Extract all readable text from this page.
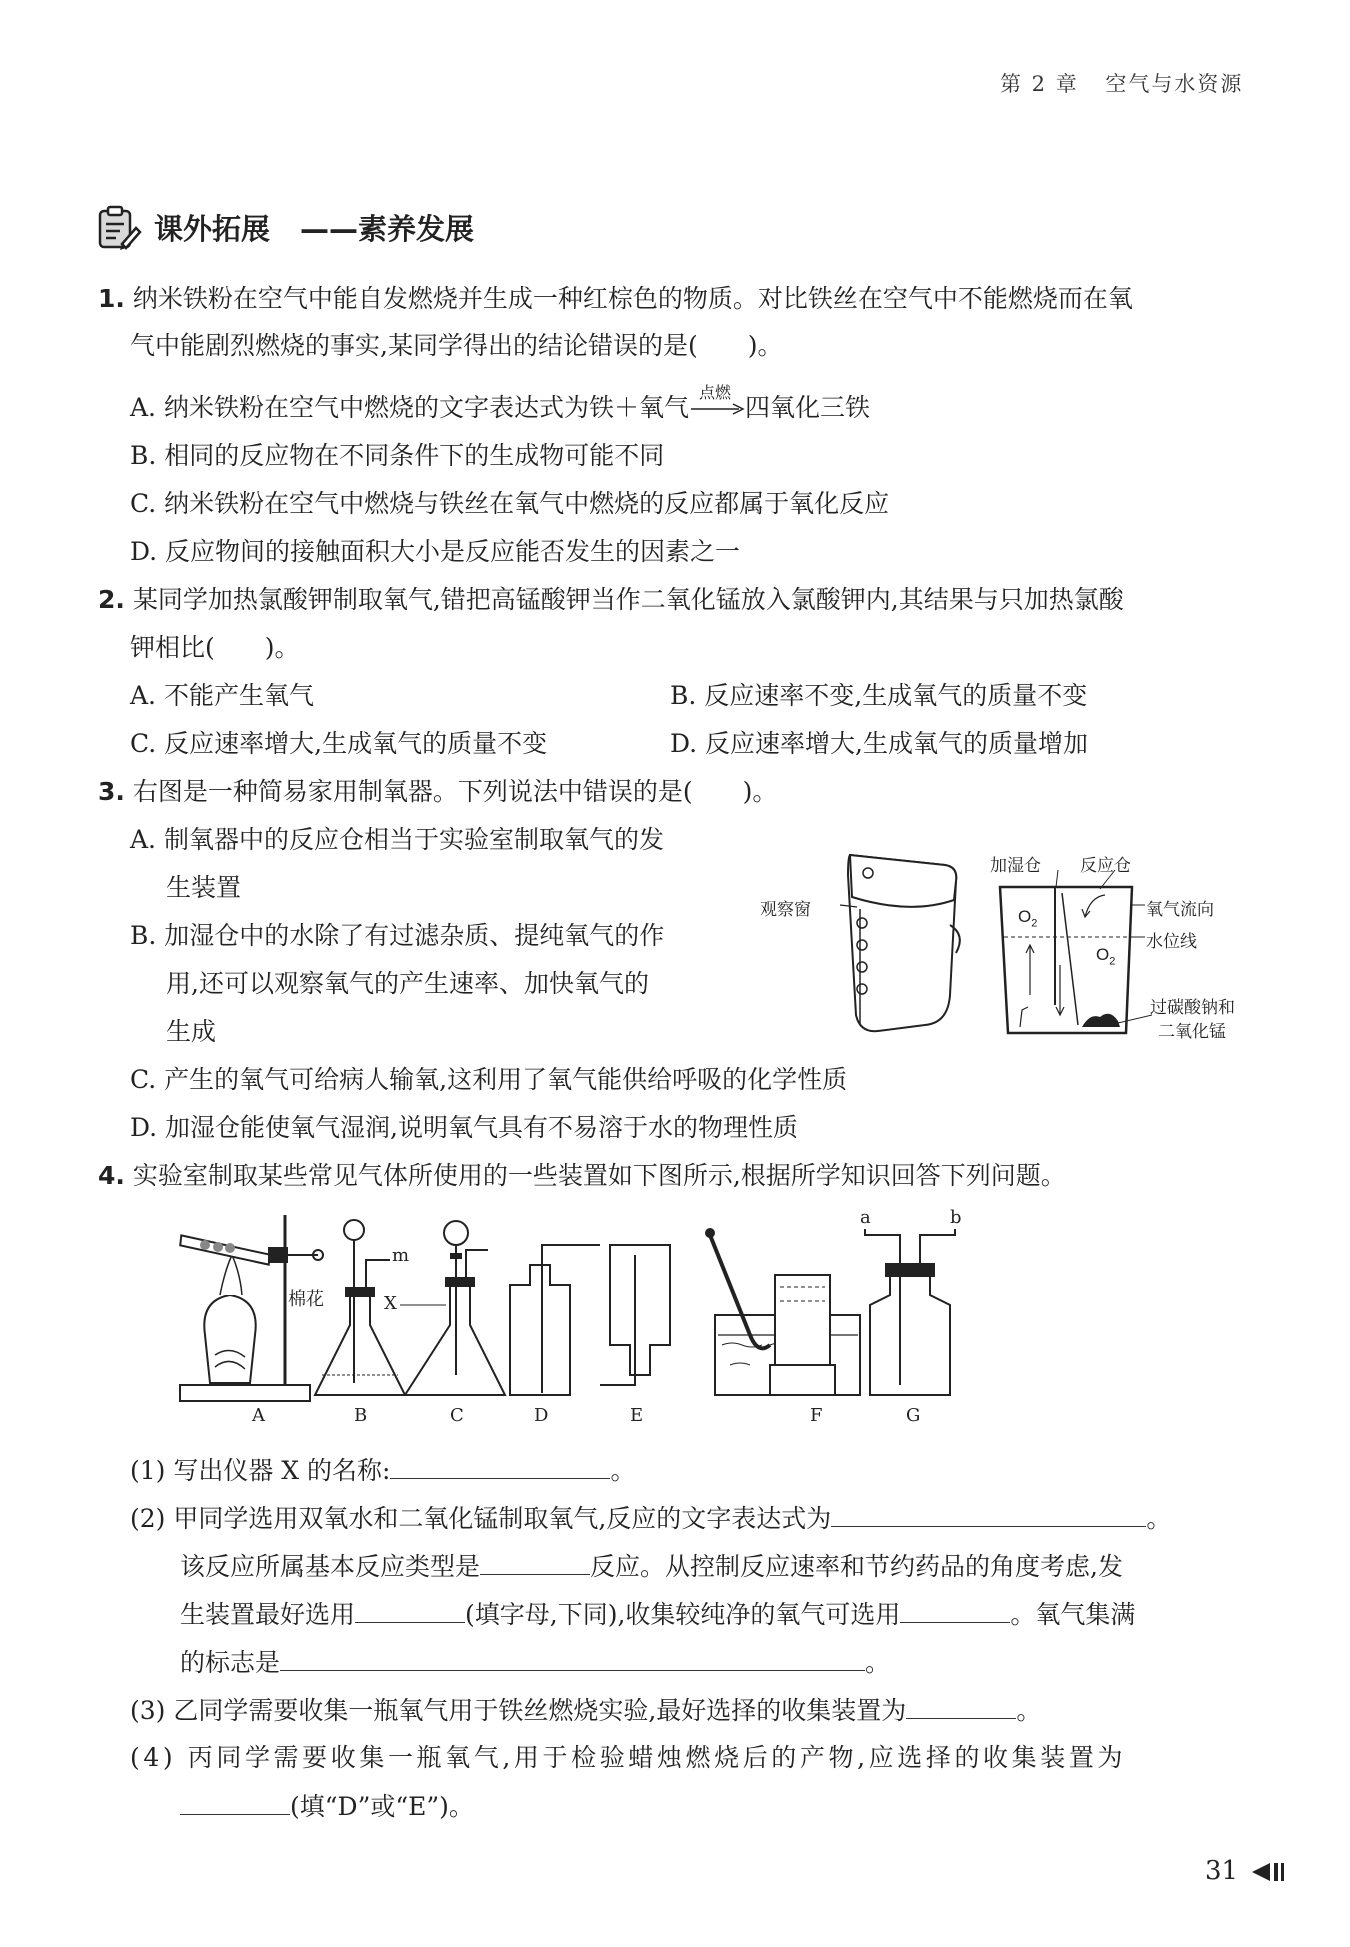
第 2 章 空气与水资源
课外拓展 ——素养发展
1. 纳米铁粉在空气中能自发燃烧并生成一种红棕色的物质。对比铁丝在空气中不能燃烧而在氧
气中能剧烈燃烧的事实,某同学得出的结论错误的是(　　)。
A. 纳米铁粉在空气中燃烧的文字表达式为铁＋氧气
点燃
四氧化三铁
B. 相同的反应物在不同条件下的生成物可能不同
C. 纳米铁粉在空气中燃烧与铁丝在氧气中燃烧的反应都属于氧化反应
D. 反应物间的接触面积大小是反应能否发生的因素之一
2. 某同学加热氯酸钾制取氧气,错把高锰酸钾当作二氧化锰放入氯酸钾内,其结果与只加热氯酸
钾相比(　　)。
A. 不能产生氧气	B. 反应速率不变,生成氧气的质量不变
C. 反应速率增大,生成氧气的质量不变	D. 反应速率增大,生成氧气的质量增加
3. 右图是一种简易家用制氧器。下列说法中错误的是(　　)。
A. 制氧器中的反应仓相当于实验室制取氧气的发
生装置
B. 加湿仓中的水除了有过滤杂质、提纯氧气的作
用,还可以观察氧气的产生速率、加快氧气的
生成
C. 产生的氧气可给病人输氧,这利用了氧气能供给呼吸的化学性质
D. 加湿仓能使氧气湿润,说明氧气具有不易溶于水的物理性质
观察窗
加湿仓 反应仓
氧气流向
水位线
$O_2$
$O_2$
过碳酸钠和
二氧化锰
4. 实验室制取某些常见气体所使用的一些装置如下图所示,根据所学知识回答下列问题。
棉花
m
X
a	b
A	B	C	D	E	F	G
(1) 写出仪器 X 的名称:	。
(2) 甲同学选用双氧水和二氧化锰制取氧气,反应的文字表达式为	。
该反应所属基本反应类型是	反应。从控制反应速率和节约药品的角度考虑,发
生装置最好选用	(填字母,下同),收集较纯净的氧气可选用	。氧气集满
的标志是	。
(3) 乙同学需要收集一瓶氧气用于铁丝燃烧实验,最好选择的收集装置为	。
(4) 丙同学需要收集一瓶氧气,用于检验蜡烛燃烧后的产物,应选择的收集装置为
(填“D”或“E”)。
31
